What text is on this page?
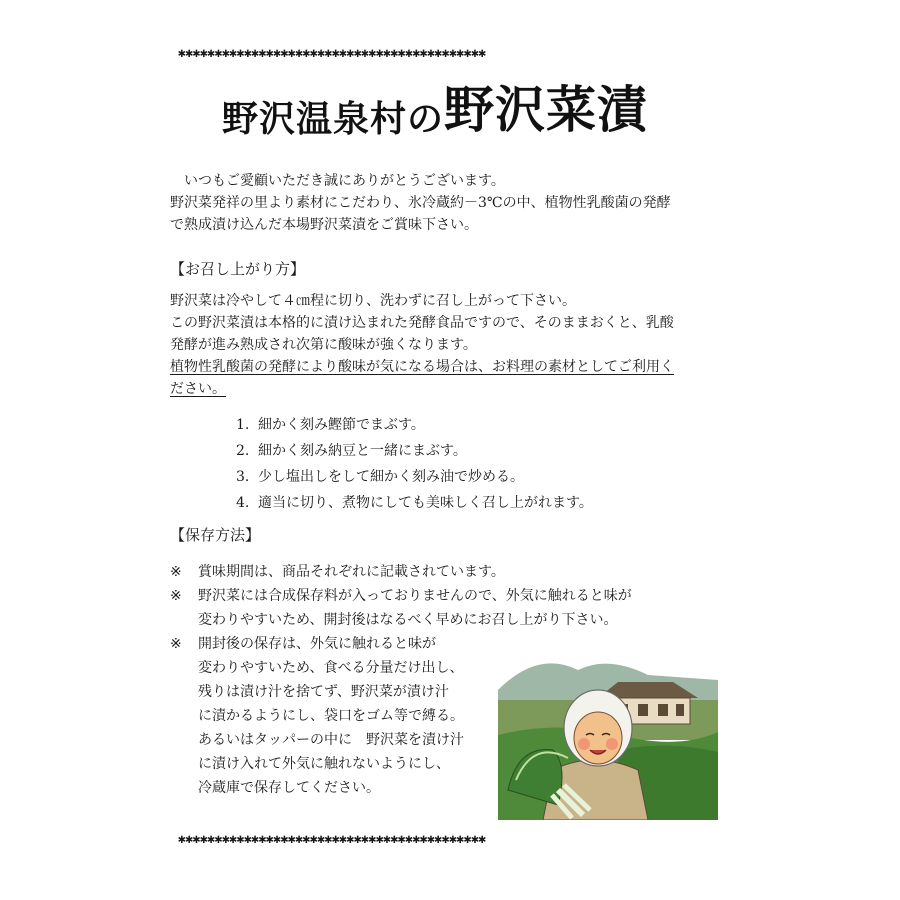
✱✱✱✱✱✱✱✱✱✱✱✱✱✱✱✱✱✱✱✱✱✱✱✱✱✱✱✱✱✱✱✱✱✱✱✱✱✱✱✱✱✱
野沢温泉村の 野沢菜漬
　いつもご愛顧いただき誠にありがとうございます。
野沢菜発祥の里より素材にこだわり、氷冷蔵約－3℃の中、植物性乳酸菌の発酵
で熟成漬け込んだ本場野沢菜漬をご賞味下さい。
【お召し上がり方】
野沢菜は冷やして４㎝程に切り、洗わずに召し上がって下さい。
この野沢菜漬は本格的に漬け込まれた発酵食品ですので、そのままおくと、乳酸
発酵が進み熟成され次第に酸味が強くなります。
植物性乳酸菌の発酵により酸味が気になる場合は、お料理の素材としてご利用く
ださい。
1. 細かく刻み鰹節でまぶす。
2. 細かく刻み納豆と一緒にまぶす。
3. 少し塩出しをして細かく刻み油で炒める。
4. 適当に切り、煮物にしても美味しく召し上がれます。
【保存方法】
※ 賞味期間は、商品それぞれに記載されています。
※ 野沢菜には合成保存料が入っておりませんので、外気に触れると味が
変わりやすいため、開封後はなるべく早めにお召し上がり下さい。
※ 開封後の保存は、外気に触れると味が
変わりやすいため、食べる分量だけ出し、
残りは漬け汁を捨てず、野沢菜が漬け汁
に漬かるようにし、袋口をゴム等で縛る。
あるいはタッパーの中に　野沢菜を漬け汁
に漬け入れて外気に触れないようにし、
冷蔵庫で保存してください。
✱✱✱✱✱✱✱✱✱✱✱✱✱✱✱✱✱✱✱✱✱✱✱✱✱✱✱✱✱✱✱✱✱✱✱✱✱✱✱✱✱✱
